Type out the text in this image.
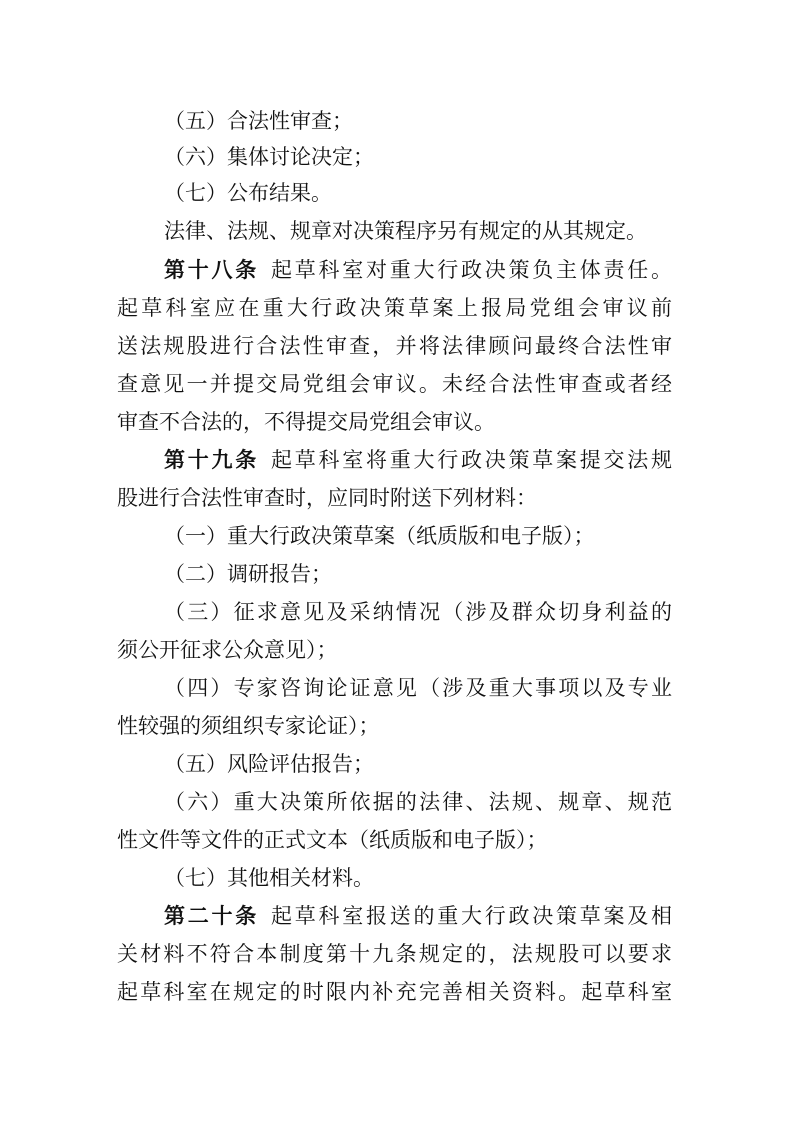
（五）合法性审查；
（六）集体讨论决定；
（七）公布结果。
法律、法规、规章对决策程序另有规定的从其规定。
第十八条 起草科室对重大行政决策负主体责任。
起草科室应在重大行政决策草案上报局党组会审议前
送法规股进行合法性审查，并将法律顾问最终合法性审
查意见一并提交局党组会审议。未经合法性审查或者经
审查不合法的，不得提交局党组会审议。
第十九条 起草科室将重大行政决策草案提交法规
股进行合法性审查时，应同时附送下列材料：
（一）重大行政决策草案（纸质版和电子版）；
（二）调研报告；
（三）征求意见及采纳情况（涉及群众切身利益的
须公开征求公众意见）；
（四）专家咨询论证意见（涉及重大事项以及专业
性较强的须组织专家论证）；
（五）风险评估报告；
（六）重大决策所依据的法律、法规、规章、规范
性文件等文件的正式文本（纸质版和电子版）；
（七）其他相关材料。
第二十条 起草科室报送的重大行政决策草案及相
关材料不符合本制度第十九条规定的，法规股可以要求
起草科室在规定的时限内补充完善相关资料。起草科室
